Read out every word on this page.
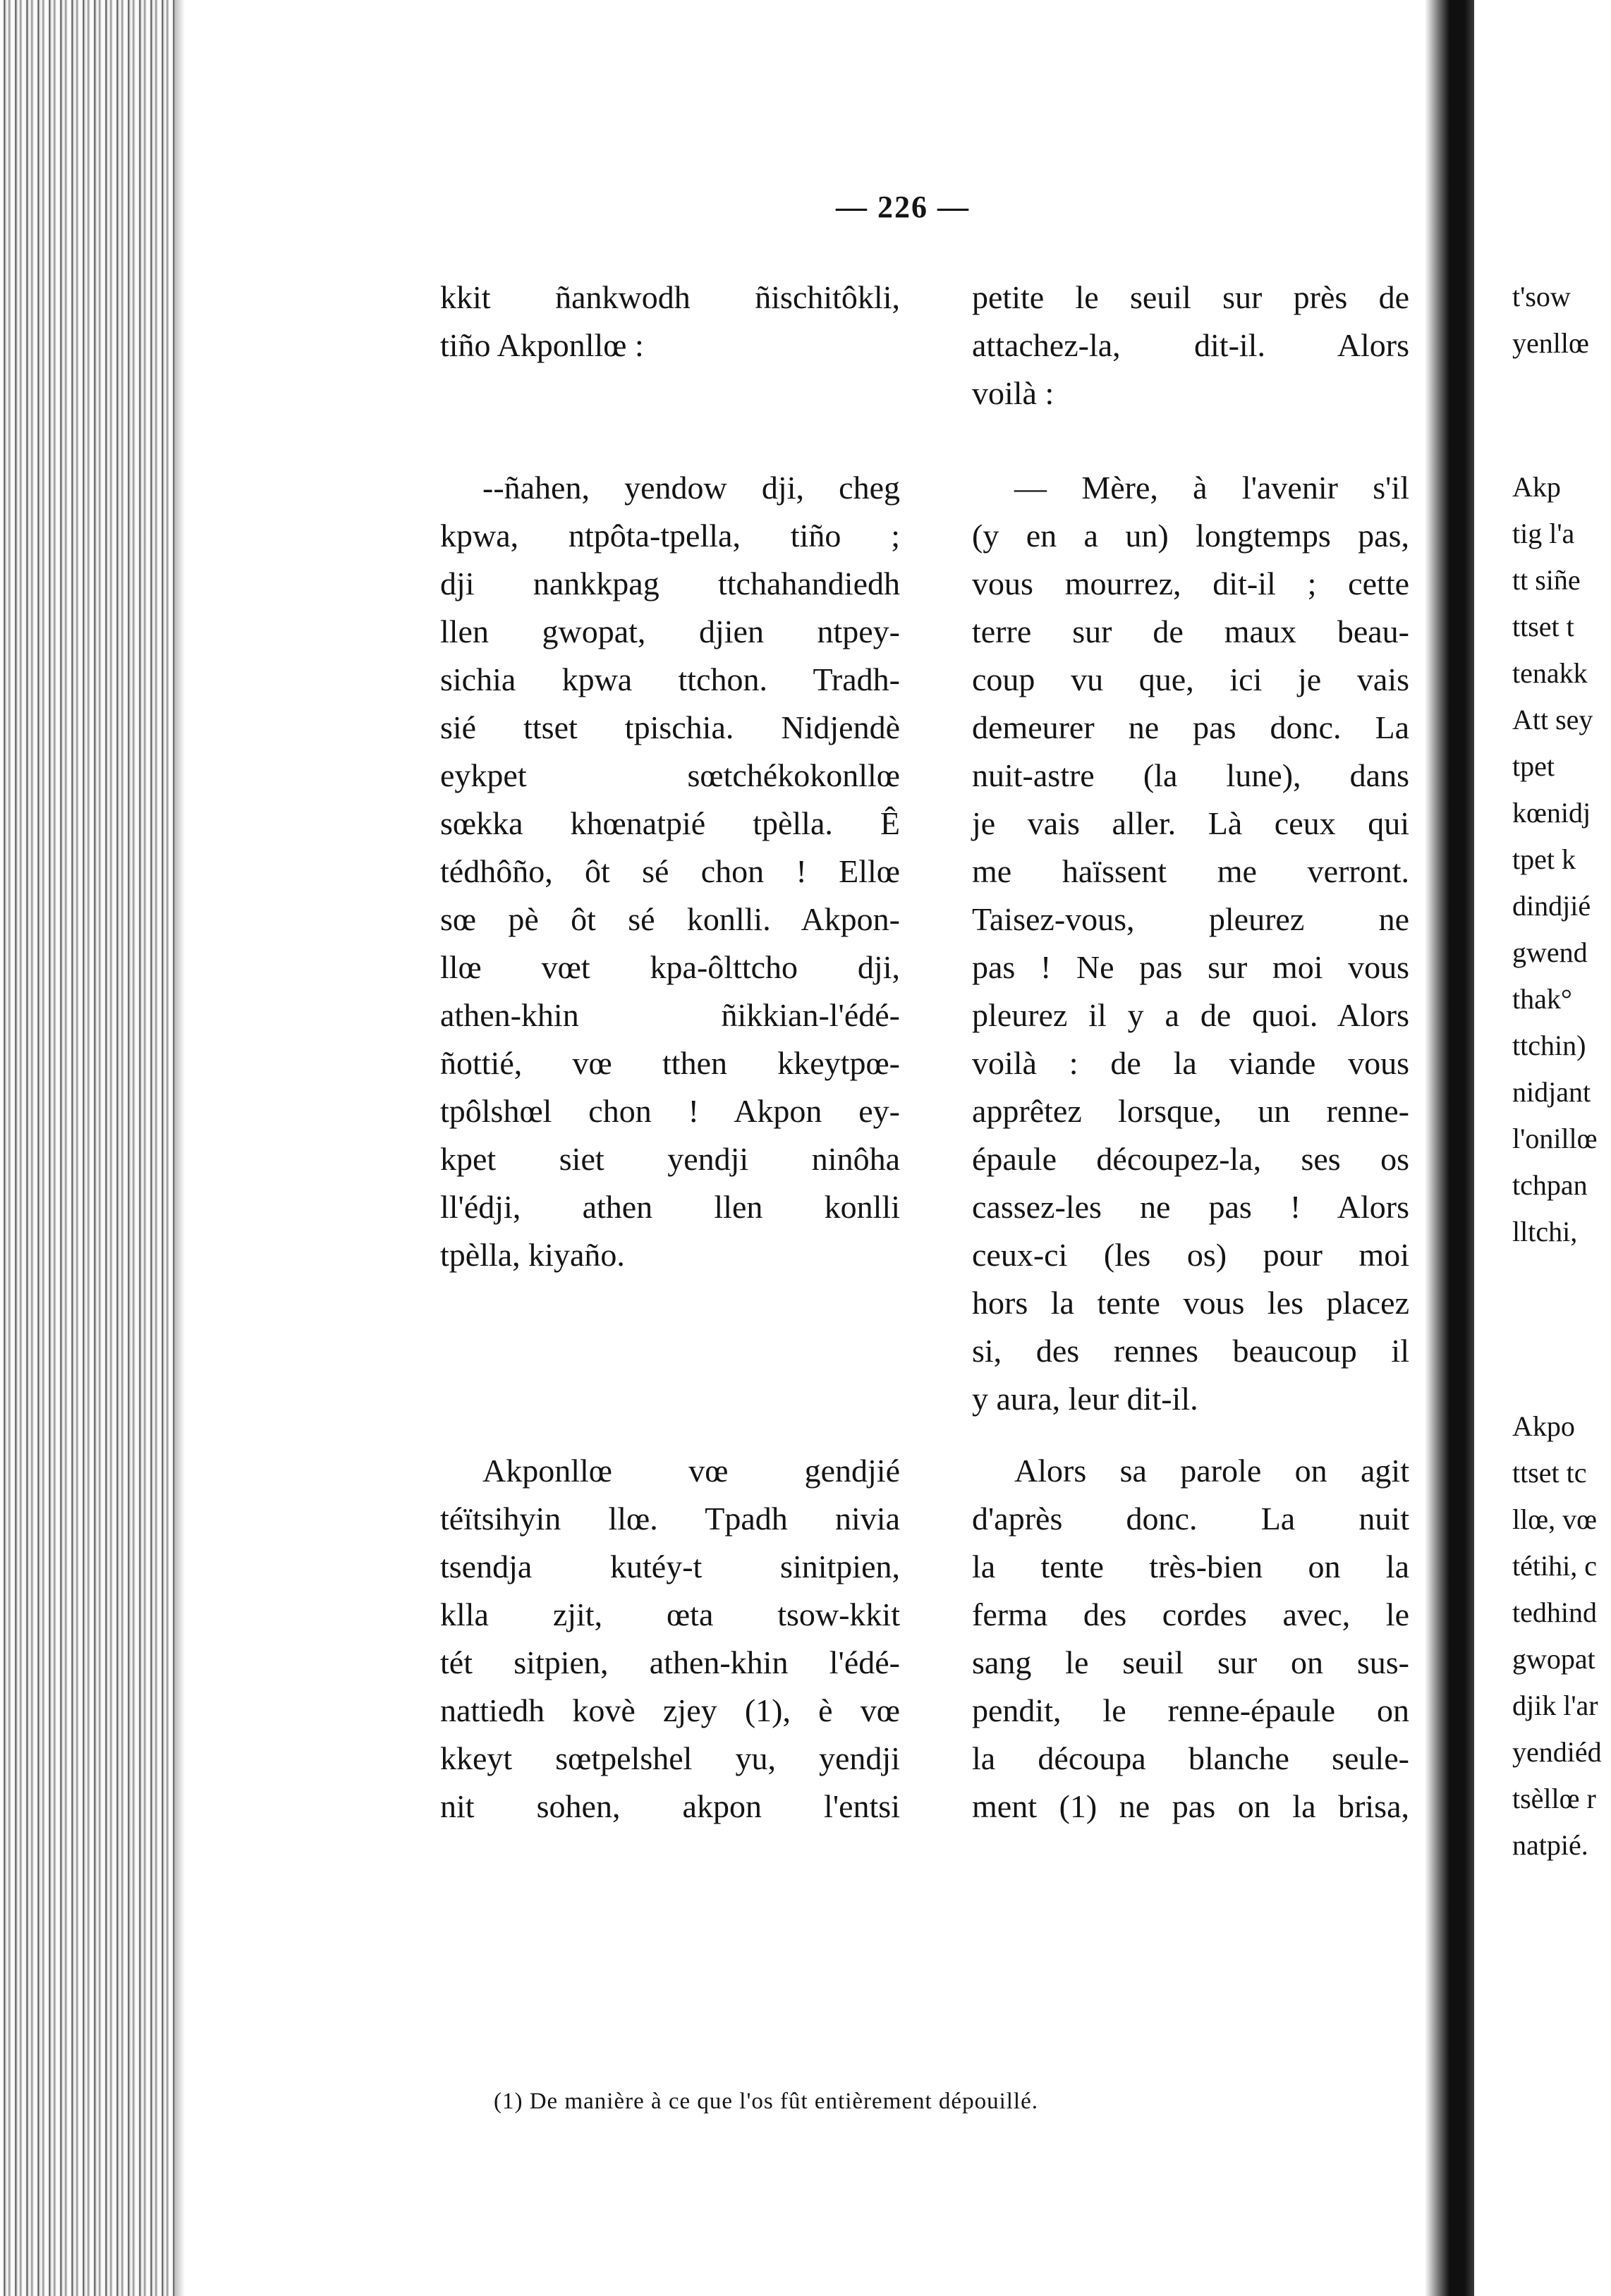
— 226 —
kkit ñankwodh ñischitôkli,
tiño Akponllœ :
--ñahen, yendow dji, cheg
kpwa, ntpôta-tpella, tiño ;
dji nankkpag ttchahandiedh
llen gwopat, djien ntpey-
sichia kpwa ttchon. Tradh-
sié ttset tpischia. Nidjendè
eykpet sœtchékokonllœ
sœkka khœnatpié tpèlla. Ê
tédhôño, ôt sé chon ! Ellœ
sœ pè ôt sé konlli. Akpon-
llœ vœt kpa-ôlttcho dji,
athen-khin ñikkian-l'édé-
ñottié, vœ tthen kkeytpœ-
tpôlshœl chon ! Akpon ey-
kpet siet yendji ninôha
ll'édji, athen llen konlli
tpèlla, kiyaño.
Akponllœ vœ gendjié
téïtsihyin llœ. Tpadh nivia
tsendja kutéy-t sinitpien,
klla zjit, œta tsow-kkit
tét sitpien, athen-khin l'édé-
nattiedh kovè zjey (1), è vœ
kkeyt sœtpelshel yu, yendji
nit sohen, akpon l'entsi
petite le seuil sur près de
attachez-la, dit-il. Alors
voilà :
— Mère, à l'avenir s'il
(y en a un) longtemps pas,
vous mourrez, dit-il ; cette
terre sur de maux beau-
coup vu que, ici je vais
demeurer ne pas donc. La
nuit-astre (la lune), dans
je vais aller. Là ceux qui
me haïssent me verront.
Taisez-vous, pleurez ne
pas ! Ne pas sur moi vous
pleurez il y a de quoi. Alors
voilà : de la viande vous
apprêtez lorsque, un renne-
épaule découpez-la, ses os
cassez-les ne pas ! Alors
ceux-ci (les os) pour moi
hors la tente vous les placez
si, des rennes beaucoup il
y aura, leur dit-il.
Alors sa parole on agit
d'après donc. La nuit
la tente très-bien on la
ferma des cordes avec, le
sang le seuil sur on sus-
pendit, le renne-épaule on
la découpa blanche seule-
ment (1) ne pas on la brisa,
(1) De manière à ce que l'os fût entièrement dépouillé.
t'sow
yenllœ
Akp
tig l'a
tt siñe
ttset t
tenakk
Att sey
tpet
kœnidj
tpet k
dindjié
gwend
thak°
ttchin)
nidjant
l'onillœ
tchpan
lltchi,
Akpo
ttset tc
llœ, vœ
tétihi, c
tedhind
gwopat
djik l'ar
yendiéd
tsèllœ r
natpié.
